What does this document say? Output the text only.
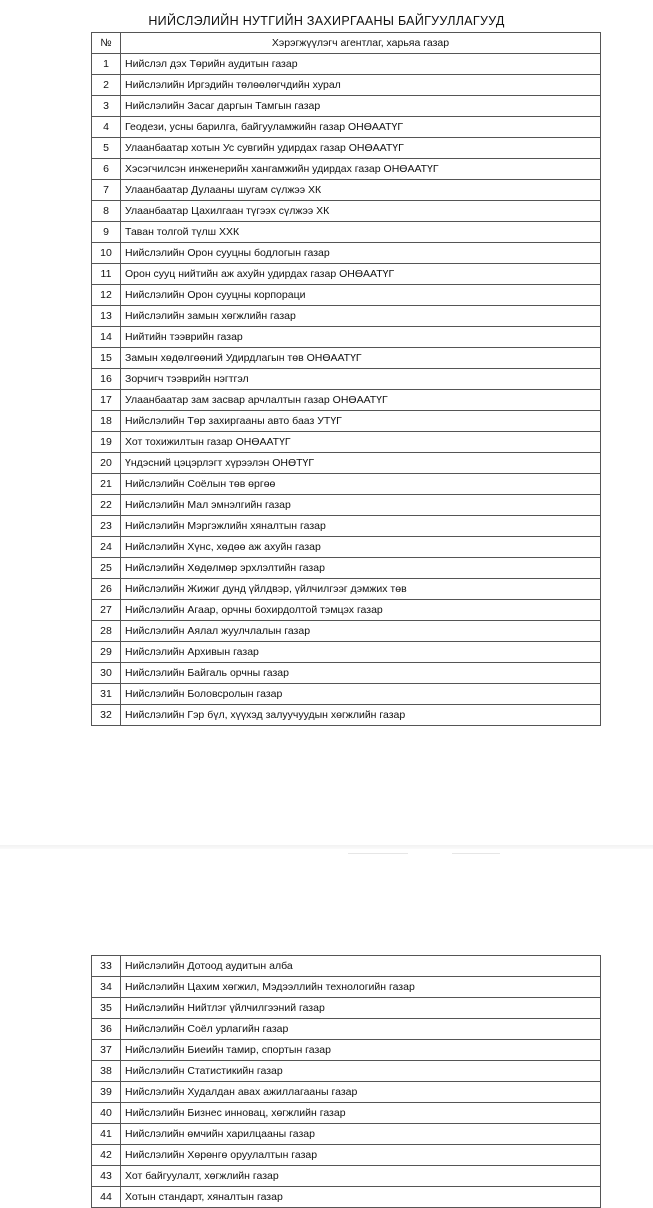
НИЙСЛЭЛИЙН НУТГИЙН ЗАХИРГААНЫ БАЙГУУЛЛАГУУД
№	Хэрэгжүүлэгч агентлаг, харьяа газар
1	Нийслэл дэх Төрийн аудитын газар
2	Нийслэлийн Иргэдийн төлөөлөгчдийн хурал
3	Нийслэлийн Засаг даргын Тамгын газар
4	Геодези, усны барилга, байгууламжийн газар ОНӨААТҮГ
5	Улаанбаатар хотын Ус сувгийн удирдах газар ОНӨААТҮГ
6	Хэсэгчилсэн инженерийн хангамжийн удирдах газар ОНӨААТҮГ
7	Улаанбаатар Дулааны шугам сүлжээ ХК
8	Улаанбаатар Цахилгаан түгээх сүлжээ ХК
9	Таван толгой түлш ХХК
10	Нийслэлийн Орон сууцны бодлогын газар
11	Орон сууц нийтийн аж ахуйн удирдах газар ОНӨААТҮГ
12	Нийслэлийн Орон сууцны корпораци
13	Нийслэлийн замын хөгжлийн газар
14	Нийтийн тээврийн газар
15	Замын хөдөлгөөний Удирдлагын төв ОНӨААТҮГ
16	Зорчигч тээврийн нэгтгэл
17	Улаанбаатар зам засвар арчлалтын газар ОНӨААТҮГ
18	Нийслэлийн Төр захиргааны авто бааз УТҮГ
19	Хот тохижилтын газар ОНӨААТҮГ
20	Үндэсний цэцэрлэгт хүрээлэн ОНӨТҮГ
21	Нийслэлийн Соёлын төв өргөө
22	Нийслэлийн Мал эмнэлгийн газар
23	Нийслэлийн Мэргэжлийн хяналтын газар
24	Нийслэлийн Хүнс, хөдөө аж ахуйн газар
25	Нийслэлийн Хөдөлмөр эрхлэлтийн газар
26	Нийслэлийн Жижиг дунд үйлдвэр, үйлчилгээг дэмжих төв
27	Нийслэлийн Агаар, орчны бохирдолтой тэмцэх газар
28	Нийслэлийн Аялал жуулчлалын газар
29	Нийслэлийн Архивын газар
30	Нийслэлийн Байгаль орчны газар
31	Нийслэлийн Боловсролын газар
32	Нийслэлийн Гэр бүл, хүүхэд залуучуудын хөгжлийн газар
33	Нийслэлийн Дотоод аудитын алба
34	Нийслэлийн Цахим хөгжил, Мэдээллийн технологийн газар
35	Нийслэлийн Нийтлэг үйлчилгээний газар
36	Нийслэлийн Соёл урлагийн газар
37	Нийслэлийн Биеийн тамир, спортын газар
38	Нийслэлийн Статистикийн газар
39	Нийслэлийн Худалдан авах ажиллагааны газар
40	Нийслэлийн Бизнес инновац, хөгжлийн газар
41	Нийслэлийн өмчийн харилцааны газар
42	Нийслэлийн Хөрөнгө оруулалтын газар
43	Хот байгуулалт, хөгжлийн газар
44	Хотын стандарт, хяналтын газар
